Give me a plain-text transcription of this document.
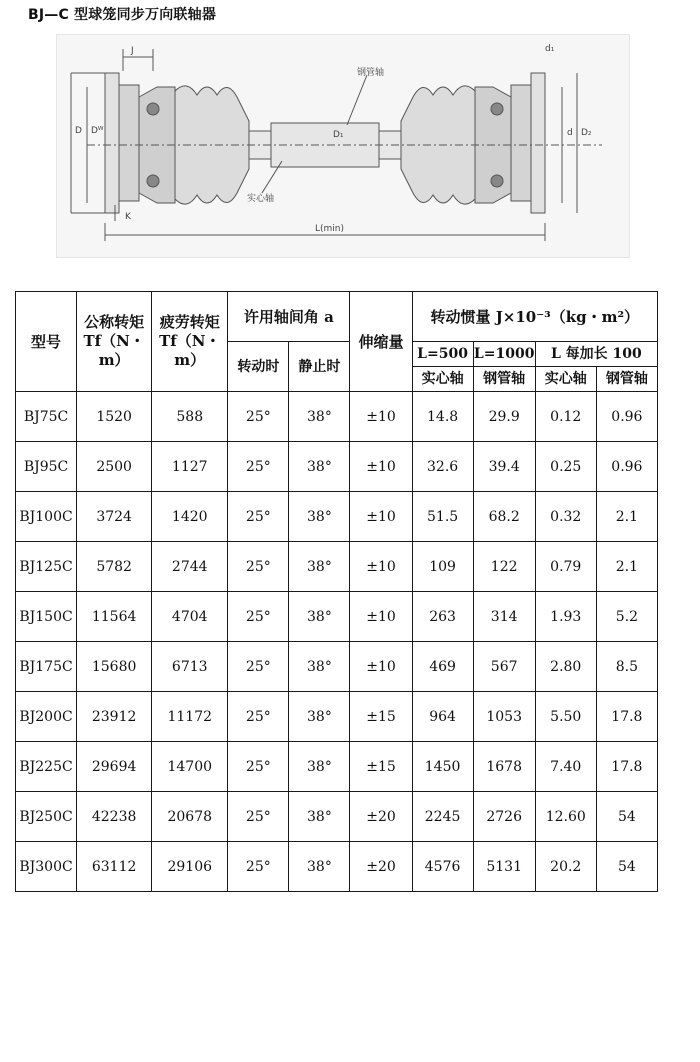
BJ—C 型球笼同步万向联轴器
J	d₁
钢管轴
Dᵂ
D	D₁	d D₂
实心轴
K
L(min)
型号	公称转矩 Tf（N・m）	疲劳转矩 Tf（N・m）	许用轴间角 a		伸缩量	转动惯量 J×10⁻³（kg・m²）			
			转动时	静止时		L=500	L=1000	L 每加长 100	
						实心轴	钢管轴	实心轴	钢管轴
BJ75C	1520	588	25°	38°	±10	14.8	29.9	0.12	0.96
BJ95C	2500	1127	25°	38°	±10	32.6	39.4	0.25	0.96
BJ100C	3724	1420	25°	38°	±10	51.5	68.2	0.32	2.1
BJ125C	5782	2744	25°	38°	±10	109	122	0.79	2.1
BJ150C	11564	4704	25°	38°	±10	263	314	1.93	5.2
BJ175C	15680	6713	25°	38°	±10	469	567	2.80	8.5
BJ200C	23912	11172	25°	38°	±15	964	1053	5.50	17.8
BJ225C	29694	14700	25°	38°	±15	1450	1678	7.40	17.8
BJ250C	42238	20678	25°	38°	±20	2245	2726	12.60	54
BJ300C	63112	29106	25°	38°	±20	4576	5131	20.2	54
